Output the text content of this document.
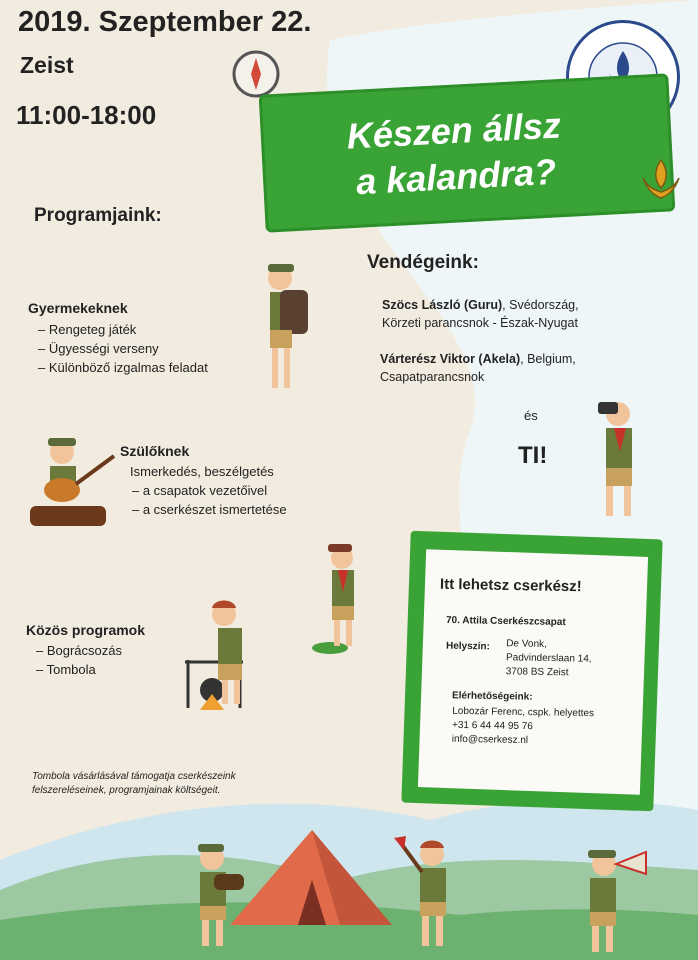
2019. Szeptember 22.
Zeist
11:00-18:00	Készen állsz
a kalandra?
Programjaink:
Gyermekeknek
– Rengeteg játék
– Ügyességi verseny
– Különböző izgalmas feladat
Szülőknek
Ismerkedés, beszélgetés
– a csapatok vezetőivel
– a cserkészet ismertetése
Közös programok
– Bográcsozás
– Tombola
Vendégeink:
Szöcs László (Guru), Svédország,
Körzeti parancsnok - Észak-Nyugat
Várterész Viktor (Akela), Belgium,
Csapatparancsnok
és
TI!
Itt lehetsz cserkész!
70. Attila Cserkészcsapat
Helyszín: De Vonk,
Padvinderslaan 14,
3708 BS Zeist
Elérhetőségeink:
Lobozár Ferenc, cspk. helyettes
+31 6 44 44 95 76
info@cserkesz.nl
Tombola vásárlásával támogatja cserkészeink felszereléseinek, programjainak költségeit.
